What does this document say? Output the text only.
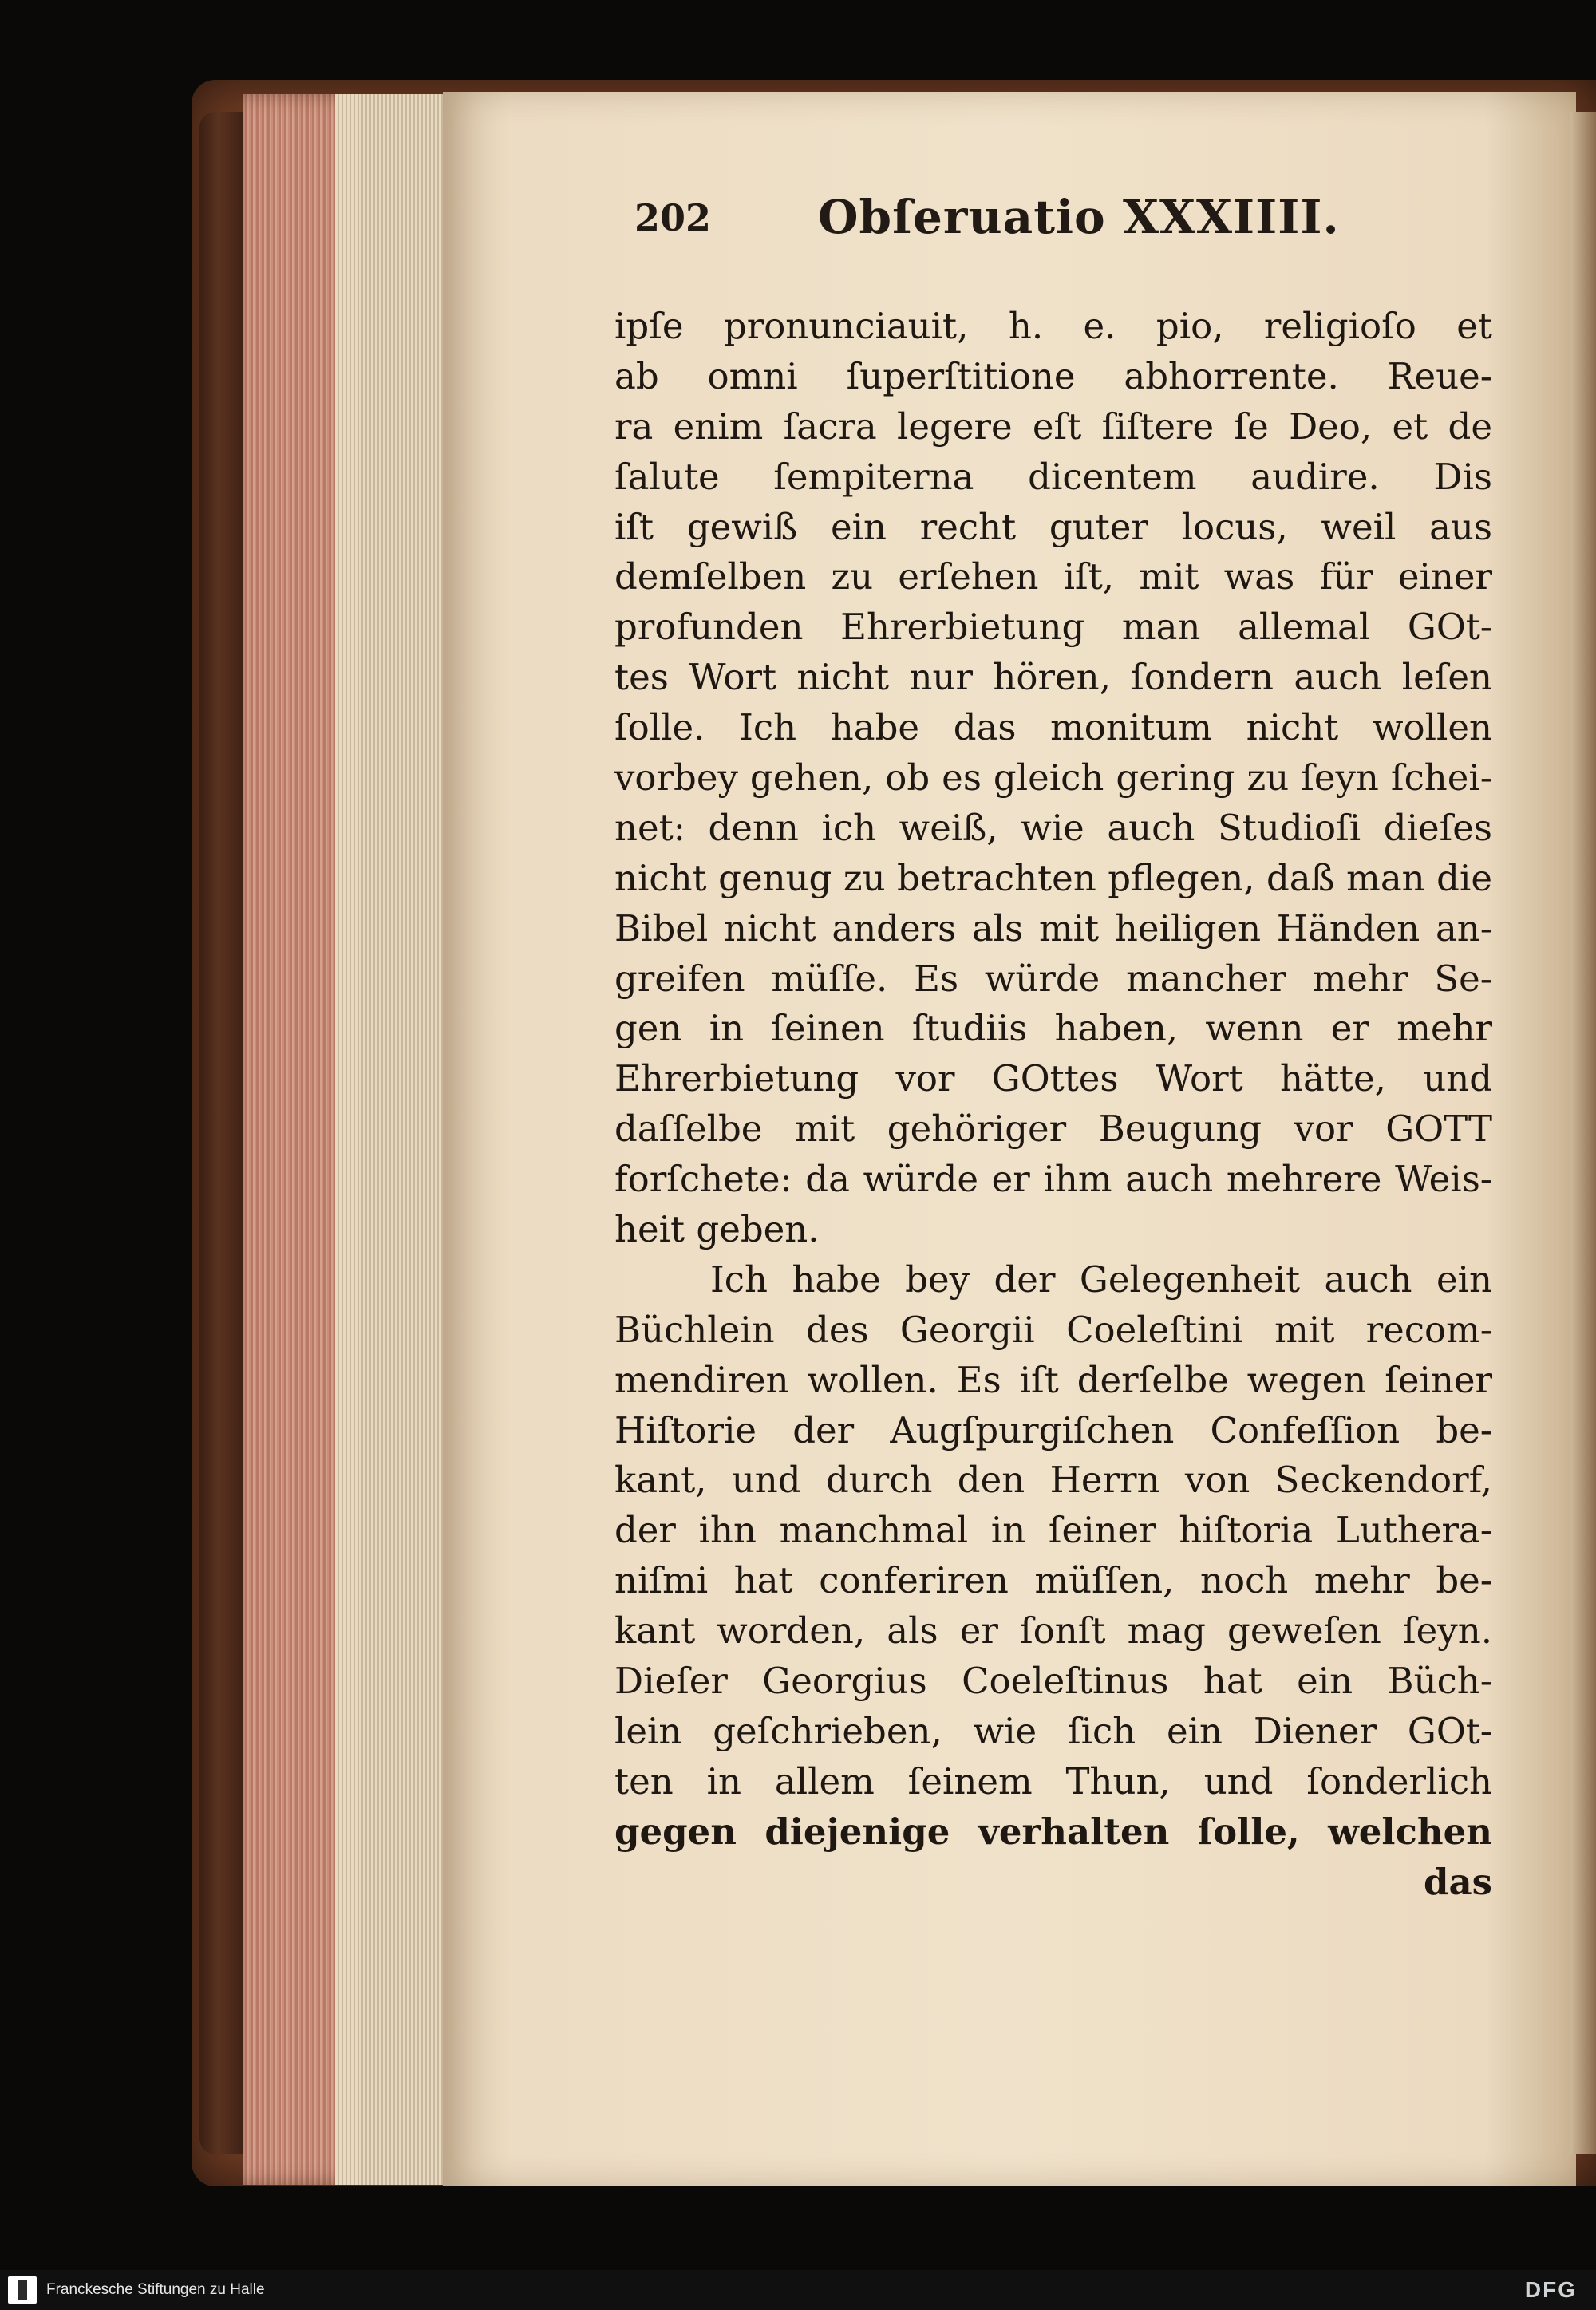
202 Obſeruatio XXXIIII.
ipſe pronunciauit, h. e. pio, religioſo et
ab omni ſuperſtitione abhorrente. Reue-
ra enim ſacra legere eſt ſiſtere ſe Deo, et de
ſalute ſempiterna dicentem audire. Dis
iſt gewiß ein recht guter locus, weil aus
demſelben zu erſehen iſt, mit was für einer
profunden Ehrerbietung man allemal GOt-
tes Wort nicht nur hören, ſondern auch leſen
ſolle. Ich habe das monitum nicht wollen
vorbey gehen, ob es gleich gering zu ſeyn ſchei-
net: denn ich weiß, wie auch Studioſi dieſes
nicht genug zu betrachten pflegen, daß man die
Bibel nicht anders als mit heiligen Händen an-
greifen müſſe. Es würde mancher mehr Se-
gen in ſeinen ſtudiis haben, wenn er mehr
Ehrerbietung vor GOttes Wort hätte, und
daſſelbe mit gehöriger Beugung vor GOTT
forſchete: da würde er ihm auch mehrere Weis-
heit geben.
Ich habe bey der Gelegenheit auch ein
Büchlein des Georgii Coeleſtini mit recom-
mendiren wollen. Es iſt derſelbe wegen ſeiner
Hiſtorie der Augſpurgiſchen Confeſſion be-
kant, und durch den Herrn von Seckendorf,
der ihn manchmal in ſeiner hiſtoria Luthera-
niſmi hat conferiren müſſen, noch mehr be-
kant worden, als er ſonſt mag geweſen ſeyn.
Dieſer Georgius Coeleſtinus hat ein Büch-
lein geſchrieben, wie ſich ein Diener GOt-
ten in allem ſeinem Thun, und ſonderlich
gegen diejenige verhalten ſolle, welchen
das
Franckesche Stiftungen zu Halle	DFG
